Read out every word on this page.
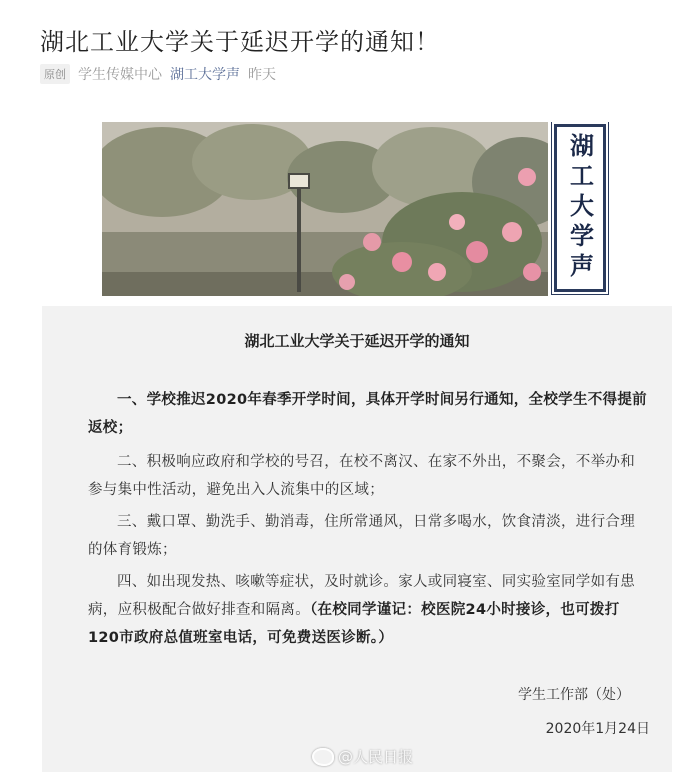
湖北工业大学关于延迟开学的通知！
原创 学生传媒中心 湖工大学声 昨天
湖工大学声
湖北工业大学关于延迟开学的通知
一、学校推迟2020年春季开学时间，具体开学时间另行通知，全校学生不得提前返校；
二、积极响应政府和学校的号召，在校不离汉、在家不外出，不聚会，不举办和参与集中性活动，避免出入人流集中的区域；
三、戴口罩、勤洗手、勤消毒，住所常通风，日常多喝水，饮食清淡，进行合理的体育锻炼；
四、如出现发热、咳嗽等症状，及时就诊。家人或同寝室、同实验室同学如有患病，应积极配合做好排查和隔离。（在校同学谨记：校医院24小时接诊，也可拨打120市政府总值班室电话，可免费送医诊断。）
学生工作部（处）
2020年1月24日
@人民日报
